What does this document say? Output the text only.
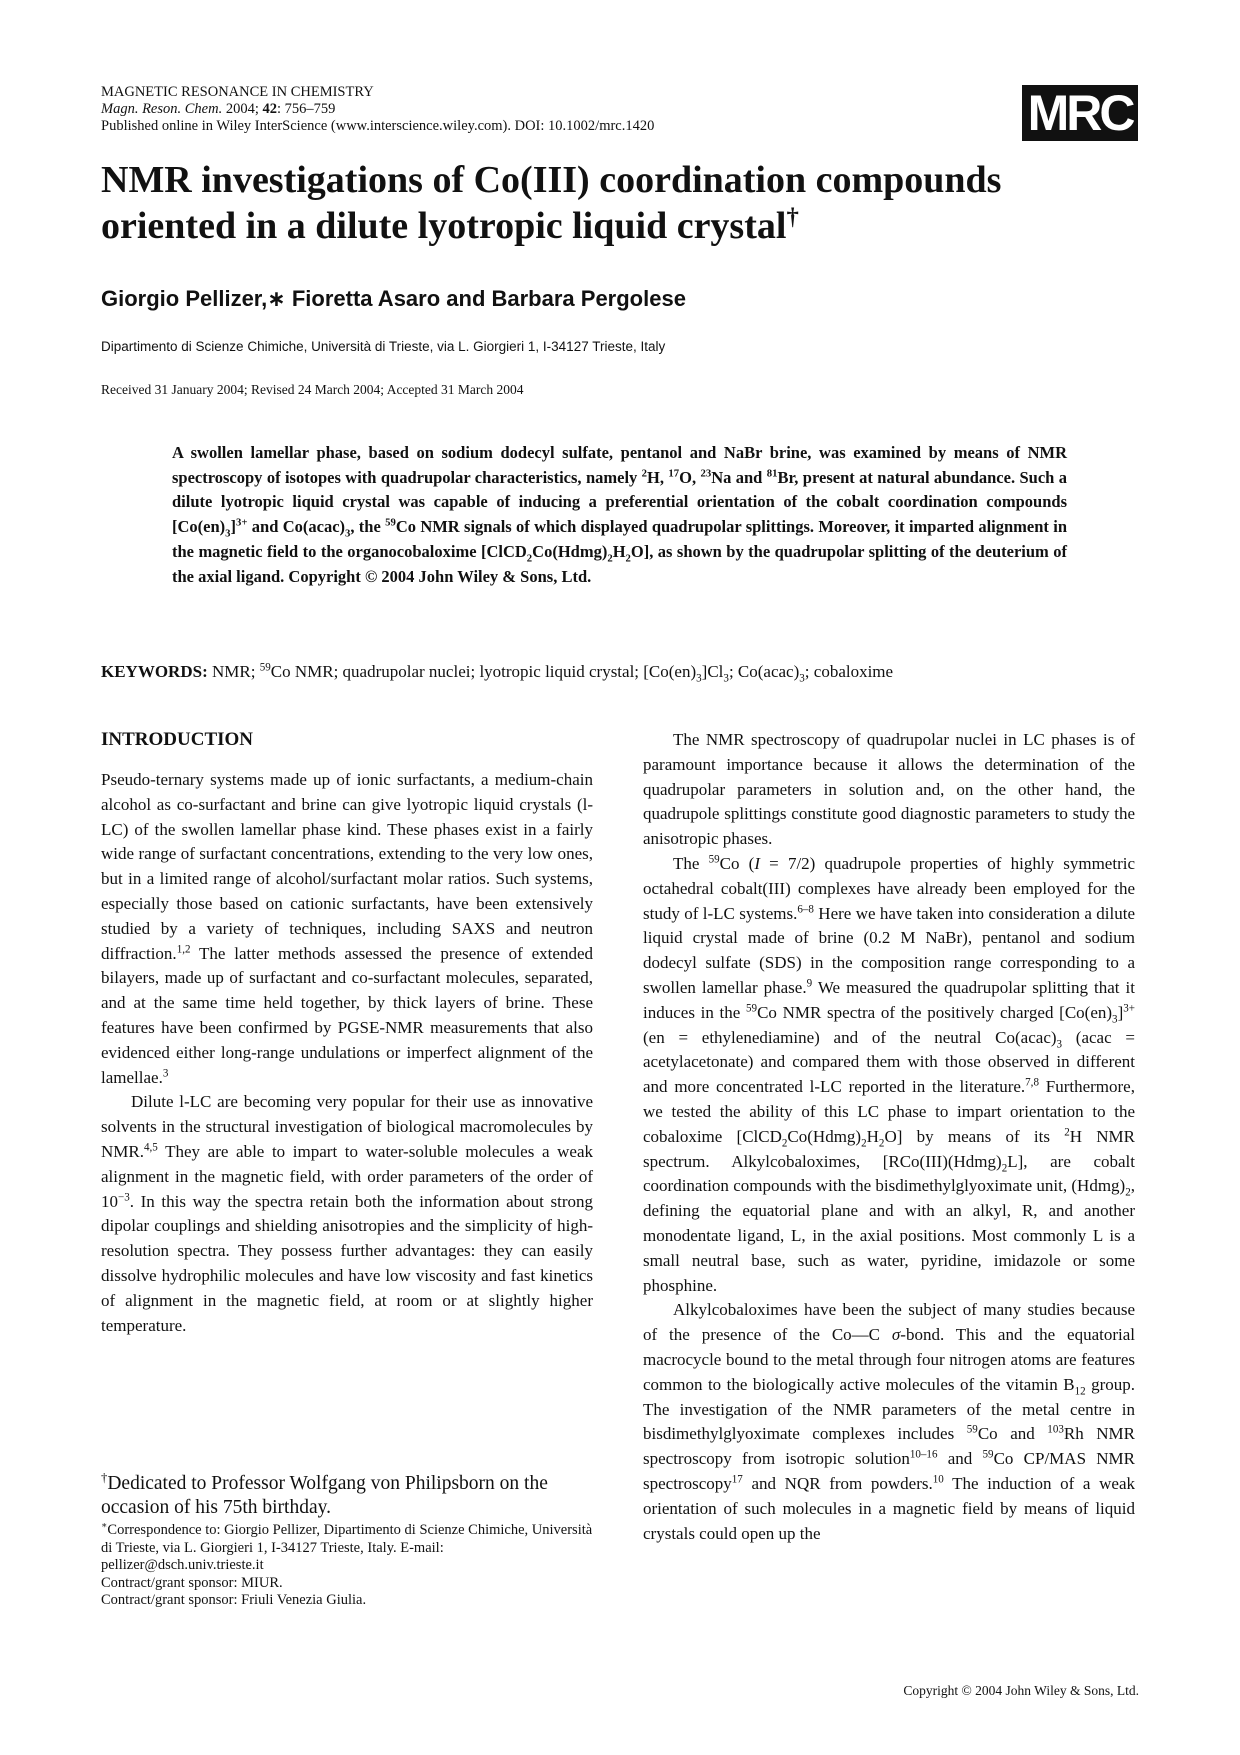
MAGNETIC RESONANCE IN CHEMISTRY
Magn. Reson. Chem. 2004; 42: 756–759
Published online in Wiley InterScience (www.interscience.wiley.com). DOI: 10.1002/mrc.1420	MRC
NMR investigations of Co(III) coordination compounds
oriented in a dilute lyotropic liquid crystal†
Giorgio Pellizer,∗ Fioretta Asaro and Barbara Pergolese
Dipartimento di Scienze Chimiche, Università di Trieste, via L. Giorgieri 1, I-34127 Trieste, Italy
Received 31 January 2004; Revised 24 March 2004; Accepted 31 March 2004

A swollen lamellar phase, based on sodium dodecyl sulfate, pentanol and NaBr brine, was examined by means of NMR spectroscopy of isotopes with quadrupolar characteristics, namely $^2$H, $^{17}$O, $^{23}$Na and $^{81}$Br, present at natural abundance. Such a dilute lyotropic liquid crystal was capable of inducing a preferential orientation of the cobalt coordination compounds $[Co(en)_3]^{3+}$ and $Co(acac)_3$, the $^{59}$Co NMR signals of which displayed quadrupolar splittings. Moreover, it imparted alignment in the magnetic field to the organocobaloxime $[ClCD_2Co(Hdmg)_2H_2O]$, as shown by the quadrupolar splitting of the deuterium of the axial ligand. Copyright © 2004 John Wiley & Sons, Ltd.

KEYWORDS: NMR; $^{59}$Co NMR; quadrupolar nuclei; lyotropic liquid crystal; $[Co(en)_3]Cl_3$; $Co(acac)_3$; cobaloxime
INTRODUCTION

Pseudo-ternary systems made up of ionic surfactants, a medium-chain alcohol as co-surfactant and brine can give lyotropic liquid crystals (l-LC) of the swollen lamellar phase kind. These phases exist in a fairly wide range of surfactant concentrations, extending to the very low ones, but in a limited range of alcohol/surfactant molar ratios. Such systems, especially those based on cationic surfactants, have been extensively studied by a variety of techniques, including SAXS and neutron diffraction.$^{1,2}$ The latter methods assessed the presence of extended bilayers, made up of surfactant and co-surfactant molecules, separated, and at the same time held together, by thick layers of brine. These features have been confirmed by PGSE-NMR measurements that also evidenced either long-range undulations or imperfect alignment of the lamellae.$^3$

Dilute l-LC are becoming very popular for their use as innovative solvents in the structural investigation of biological macromolecules by NMR.$^{4,5}$ They are able to impart to water-soluble molecules a weak alignment in the magnetic field, with order parameters of the order of $10^{-3}$. In this way the spectra retain both the information about strong dipolar couplings and shielding anisotropies and the simplicity of high-resolution spectra. They possess further advantages: they can easily dissolve hydrophilic molecules and have low viscosity and fast kinetics of alignment in the magnetic field, at room or at slightly higher temperature.

The NMR spectroscopy of quadrupolar nuclei in LC phases is of paramount importance because it allows the determination of the quadrupolar parameters in solution and, on the other hand, the quadrupole splittings constitute good diagnostic parameters to study the anisotropic phases.

The $^{59}$Co (I = 7/2) quadrupole properties of highly symmetric octahedral cobalt(III) complexes have already been employed for the study of l-LC systems.$^{6-8}$ Here we have taken into consideration a dilute liquid crystal made of brine (0.2 M NaBr), pentanol and sodium dodecyl sulfate (SDS) in the composition range corresponding to a swollen lamellar phase.$^9$ We measured the quadrupolar splitting that it induces in the $^{59}$Co NMR spectra of the positively charged $[Co(en)_3]^{3+}(en$ = ethylenediamine) and of the neutral $Co(acac)_3$ (acac = acetylacetonate) and compared them with those observed in different and more concentrated l-LC reported in the literature.$^{7,8}$ Furthermore, we tested the ability of this LC phase to impart orientation to the cobaloxime $[ClCD_2Co(Hdmg)_2H_2O]$ by means of its $^2$H NMR spectrum. Alkylcobaloximes, $[RCo(III)(Hdmg)_2L]$, are cobalt coordination compounds with the bisdimethylglyoximate unit, $(Hdmg)_2$, defining the equatorial plane and with an alkyl, R, and another monodentate ligand, L, in the axial positions. Most commonly L is a small neutral base, such as water, pyridine, imidazole or some phosphine.

Alkylcobaloximes have been the subject of many studies because of the presence of the Co—C σ-bond. This and the equatorial macrocycle bound to the metal through four nitrogen atoms are features common to the biologically active molecules of the vitamin $B_{12}$ group. The investigation of the NMR parameters of the metal centre in bisdimethylglyoximate complexes includes $^{59}$Co and $^{103}$Rh NMR spectroscopy from isotropic solution$^{10-16}$ and $^{59}$Co CP/MAS NMR spectroscopy$^{17}$ and NQR from powders.$^{10}$ The induction of a weak orientation of such molecules in a magnetic field by means of liquid crystals could open up the

†Dedicated to Professor Wolfgang von Philipsborn on the occasion of his 75th birthday.

∗Correspondence to: Giorgio Pellizer, Dipartimento di Scienze Chimiche, Università di Trieste, via L. Giorgieri 1, I-34127 Trieste, Italy. E-mail: pellizer@dsch.univ.trieste.it

Contract/grant sponsor: MIUR.

Contract/grant sponsor: Friuli Venezia Giulia.

Copyright © 2004 John Wiley & Sons, Ltd.
